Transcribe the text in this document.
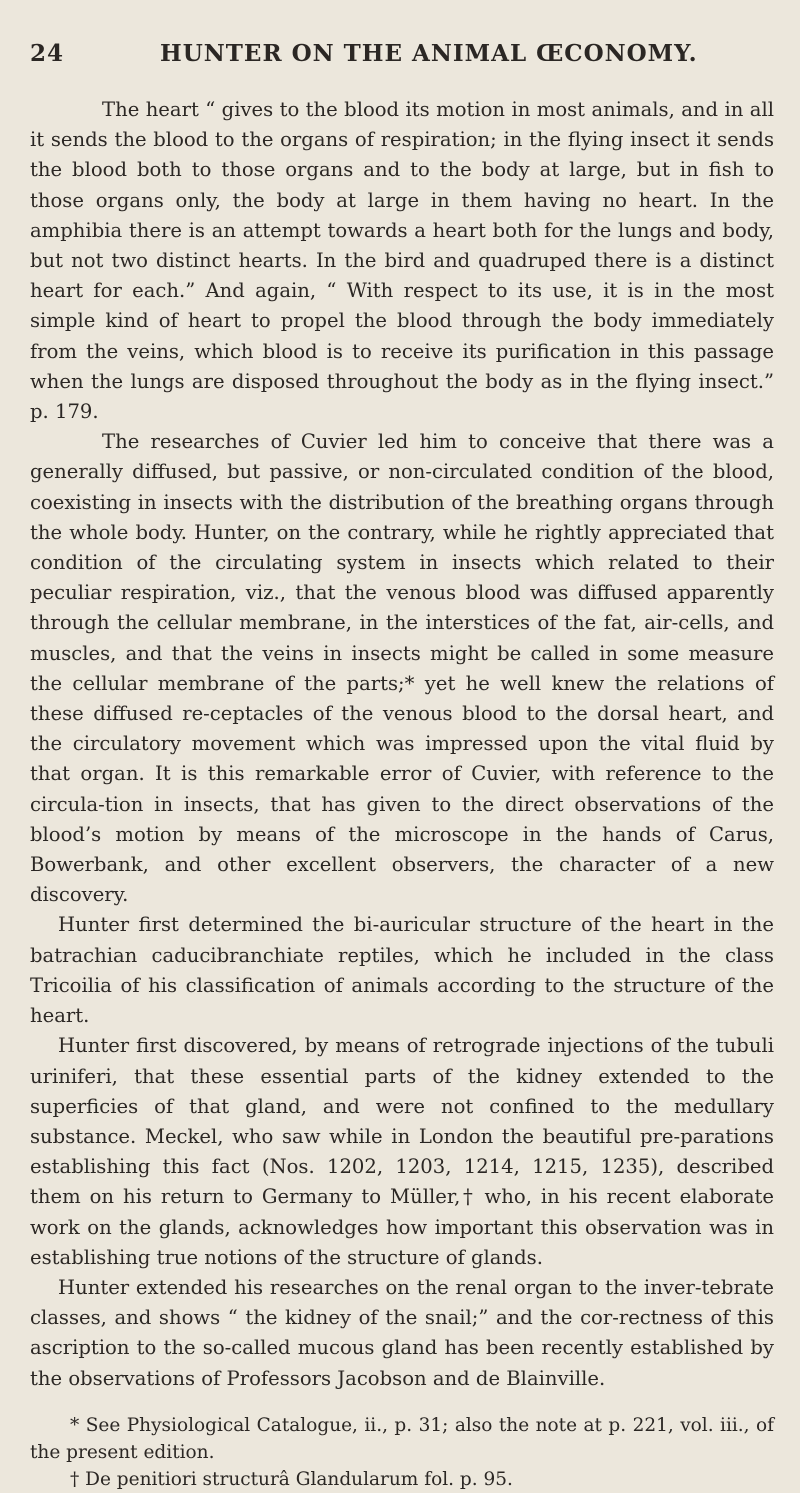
24	HUNTER ON THE ANIMAL ŒCONOMY.

The heart “ gives to the blood its motion in most animals, and in all it sends the blood to the organs of respiration; in the flying insect it sends the blood both to those organs and to the body at large, but in fish to those organs only, the body at large in them having no heart. In the amphibia there is an attempt towards a heart both for the lungs and body, but not two distinct hearts. In the bird and quadruped there is a distinct heart for each.” And again, “ With respect to its use, it is in the most simple kind of heart to propel the blood through the body immediately from the veins, which blood is to receive its purification in this passage when the lungs are disposed throughout the body as in the flying insect.” p. 179.

The researches of Cuvier led him to conceive that there was a generally diffused, but passive, or non-circulated condition of the blood, coexisting in insects with the distribution of the breathing organs through the whole body. Hunter, on the contrary, while he rightly appreciated that condition of the circulating system in insects which related to their peculiar respiration, viz., that the venous blood was diffused apparently through the cellular membrane, in the interstices of the fat, air-cells, and muscles, and that the veins in insects might be called in some measure the cellular membrane of the parts;* yet he well knew the relations of these diffused re-ceptacles of the venous blood to the dorsal heart, and the circulatory movement which was impressed upon the vital fluid by that organ. It is this remarkable error of Cuvier, with reference to the circula-tion in insects, that has given to the direct observations of the blood’s motion by means of the microscope in the hands of Carus, Bowerbank, and other excellent observers, the character of a new discovery.

Hunter first determined the bi-auricular structure of the heart in the batrachian caducibranchiate reptiles, which he included in the class Tricoilia of his classification of animals according to the structure of the heart.

Hunter first discovered, by means of retrograde injections of the tubuli uriniferi, that these essential parts of the kidney extended to the superficies of that gland, and were not confined to the medullary substance. Meckel, who saw while in London the beautiful pre-parations establishing this fact (Nos. 1202, 1203, 1214, 1215, 1235), described them on his return to Germany to Müller,† who, in his recent elaborate work on the glands, acknowledges how important this observation was in establishing true notions of the structure of glands.

Hunter extended his researches on the renal organ to the inver-tebrate classes, and shows “ the kidney of the snail;” and the cor-rectness of this ascription to the so-called mucous gland has been recently established by the observations of Professors Jacobson and de Blainville.

* See Physiological Catalogue, ii., p. 31; also the note at p. 221, vol. iii., of the present edition.

† De penitiori structurâ Glandularum fol. p. 95.
